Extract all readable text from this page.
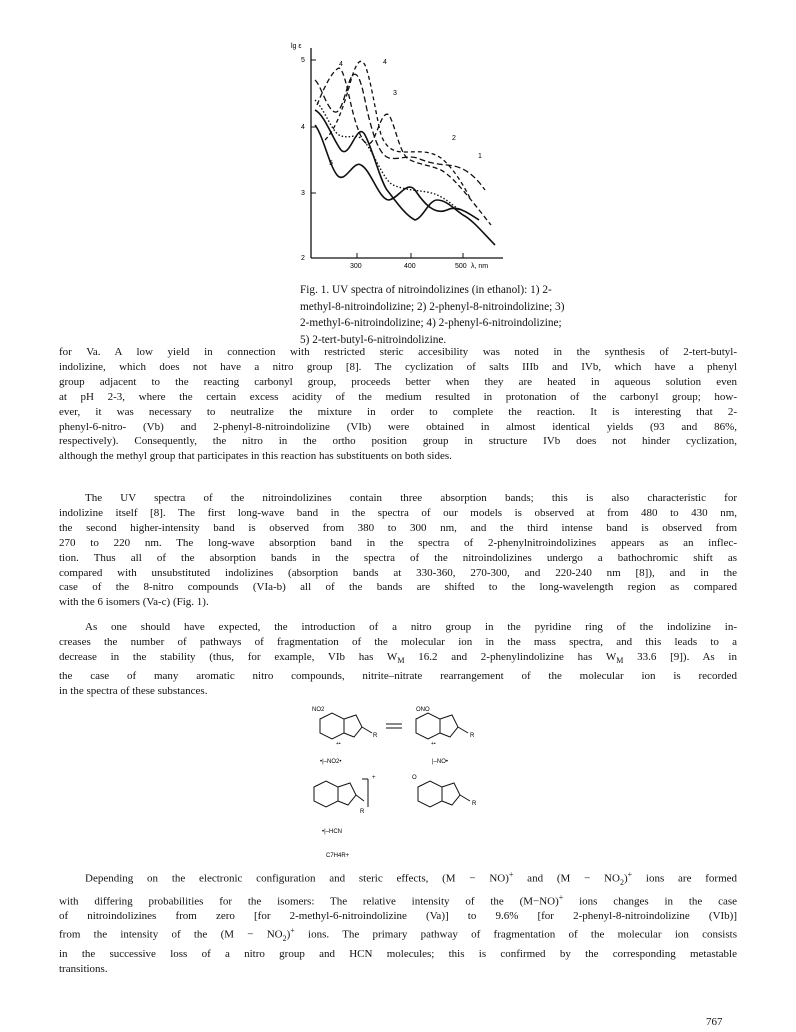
lg ε
5
4
3
2
300	400	500 λ, nm
1
2
3
4	4
5
Fig. 1. UV spectra of nitroindolizines (in ethanol): 1) 2-
methyl-8-nitroindolizine; 2) 2-phenyl-8-nitroindolizine; 3)
2-methyl-6-nitroindolizine; 4) 2-phenyl-6-nitroindolizine;
5) 2-tert-butyl-6-nitroindolizine.
for Va. A low yield in connection with restricted steric accesibility was noted in the synthesis of 2-tert-butyl-
indolizine, which does not have a nitro group [8]. The cyclization of salts IIIb and IVb, which have a phenyl
group adjacent to the reacting carbonyl group, proceeds better when they are heated in aqueous solution even
at pH 2-3, where the certain excess acidity of the medium resulted in protonation of the carbonyl group; how-
ever, it was necessary to neutralize the mixture in order to complete the reaction. It is interesting that 2-
phenyl-6-nitro- (Vb) and 2-phenyl-8-nitroindolizine (VIb) were obtained in almost identical yields (93 and 86%,
respectively). Consequently, the nitro in the ortho position group in structure IVb does not hinder cyclization,
although the methyl group that participates in this reaction has substituents on both sides.
The UV spectra of the nitroindolizines contain three absorption bands; this is also characteristic for
indolizine itself [8]. The first long-wave band in the spectra of our models is observed at from 480 to 430 nm,
the second higher-intensity band is observed from 380 to 300 nm, and the third intense band is observed from
270 to 220 nm. The long-wave absorption band in the spectra of 2-phenylnitroindolizines appears as an inflec-
tion. Thus all of the absorption bands in the spectra of the nitroindolizines undergo a bathochromic shift as
compared with unsubstituted indolizines (absorption bands at 330-360, 270-300, and 220-240 nm [8]), and in the
case of the 8-nitro compounds (VIa-b) all of the bands are shifted to the long-wavelength region as compared
with the 6 isomers (Va-c) (Fig. 1).
As one should have expected, the introduction of a nitro group in the pyridine ring of the indolizine in-
creases the number of pathways of fragmentation of the molecular ion in the mass spectra, and this leads to a
decrease in the stability (thus, for example, VIb has $W_M$ 16.2 and 2-phenylindolizine has $W_M$ 33.6 [9]). As in
the case of many aromatic nitro compounds, nitrite–nitrate rearrangement of the molecular ion is recorded
in the spectra of these substances.
NO2
R
+•
ONO
R
+•
•|–NO2•	|–NO•
R
+	O
R
•|–HCN
C7H4R+
Depending on the electronic configuration and steric effects, (M − NO)+ and $(M - NO_2)^+$ ions are formed
with differing probabilities for the isomers: The relative intensity of the (M−NO)+ ions changes in the case
of nitroindolizines from zero [for 2-methyl-6-nitroindolizine (Va)] to 9.6% [for 2-phenyl-8-nitroindolizine (VIb)]
from the intensity of the $(M - NO_2)^+$ ions. The primary pathway of fragmentation of the molecular ion consists
in the successive loss of a nitro group and HCN molecules; this is confirmed by the corresponding metastable
transitions.
767
